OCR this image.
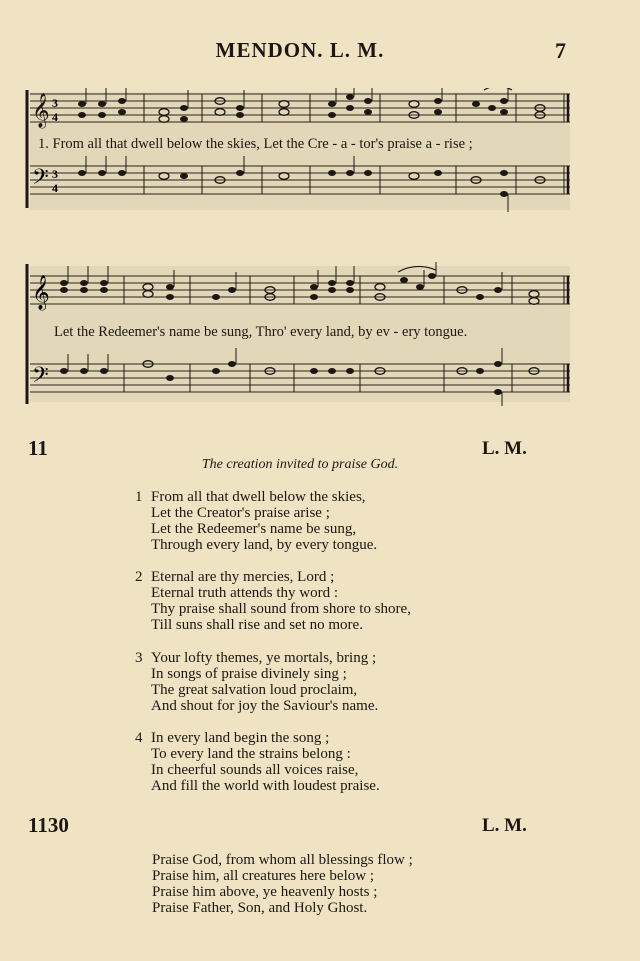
MENDON. L. M.	7
𝄞 3
4
𝄢 3
4
1. From all that dwell below the skies, Let the Cre - a - tor's praise a - rise ;
𝄞
𝄢
Let the Redeemer's name be sung, Thro' every land, by ev - ery tongue.
11	L. M.
The creation invited to praise God.
1 From all that dwell below the skies,
Let the Creator's praise arise ;
Let the Redeemer's name be sung,
Through every land, by every tongue.
2 Eternal are thy mercies, Lord ;
Eternal truth attends thy word :
Thy praise shall sound from shore to shore,
Till suns shall rise and set no more.
3 Your lofty themes, ye mortals, bring ;
In songs of praise divinely sing ;
The great salvation loud proclaim,
And shout for joy the Saviour's name.
4 In every land begin the song ;
To every land the strains belong :
In cheerful sounds all voices raise,
And fill the world with loudest praise.
1130	L. M.
Praise God, from whom all blessings flow ;
Praise him, all creatures here below ;
Praise him above, ye heavenly hosts ;
Praise Father, Son, and Holy Ghost.
